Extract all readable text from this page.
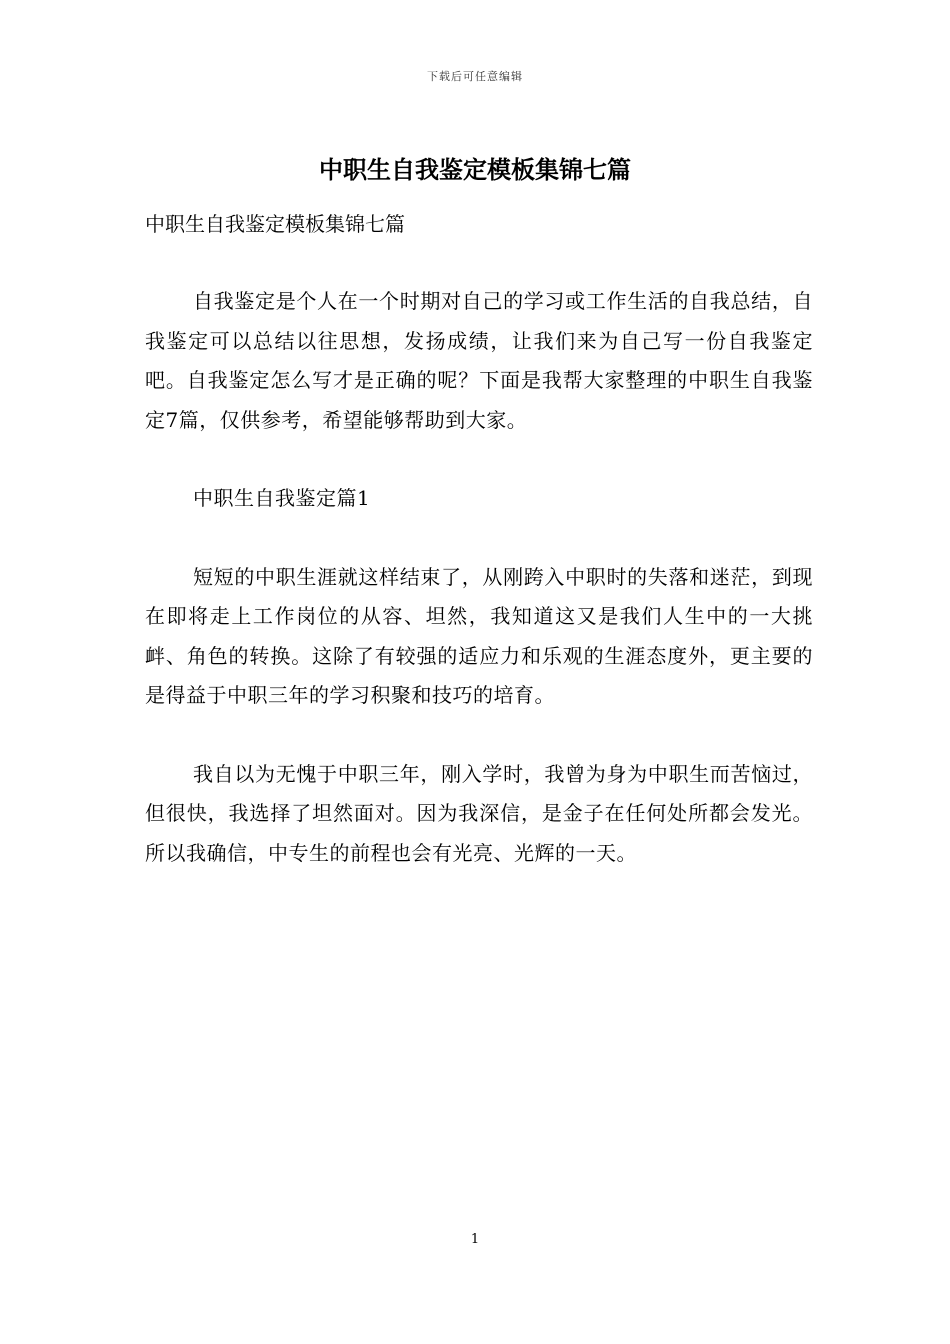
下载后可任意编辑
中职生自我鉴定模板集锦七篇

中职生自我鉴定模板集锦七篇

自我鉴定是个人在一个时期对自己的学习或工作生活的自我总结，自我鉴定可以总结以往思想，发扬成绩，让我们来为自己写一份自我鉴定吧。自我鉴定怎么写才是正确的呢？下面是我帮大家整理的中职生自我鉴定7篇，仅供参考，希望能够帮助到大家。

中职生自我鉴定篇1

短短的中职生涯就这样结束了，从刚跨入中职时的失落和迷茫，到现在即将走上工作岗位的从容、坦然，我知道这又是我们人生中的一大挑衅、角色的转换。这除了有较强的适应力和乐观的生涯态度外，更主要的是得益于中职三年的学习积聚和技巧的培育。

我自以为无愧于中职三年，刚入学时，我曾为身为中职生而苦恼过，但很快，我选择了坦然面对。因为我深信，是金子在任何处所都会发光。所以我确信，中专生的前程也会有光亮、光辉的一天。

1
